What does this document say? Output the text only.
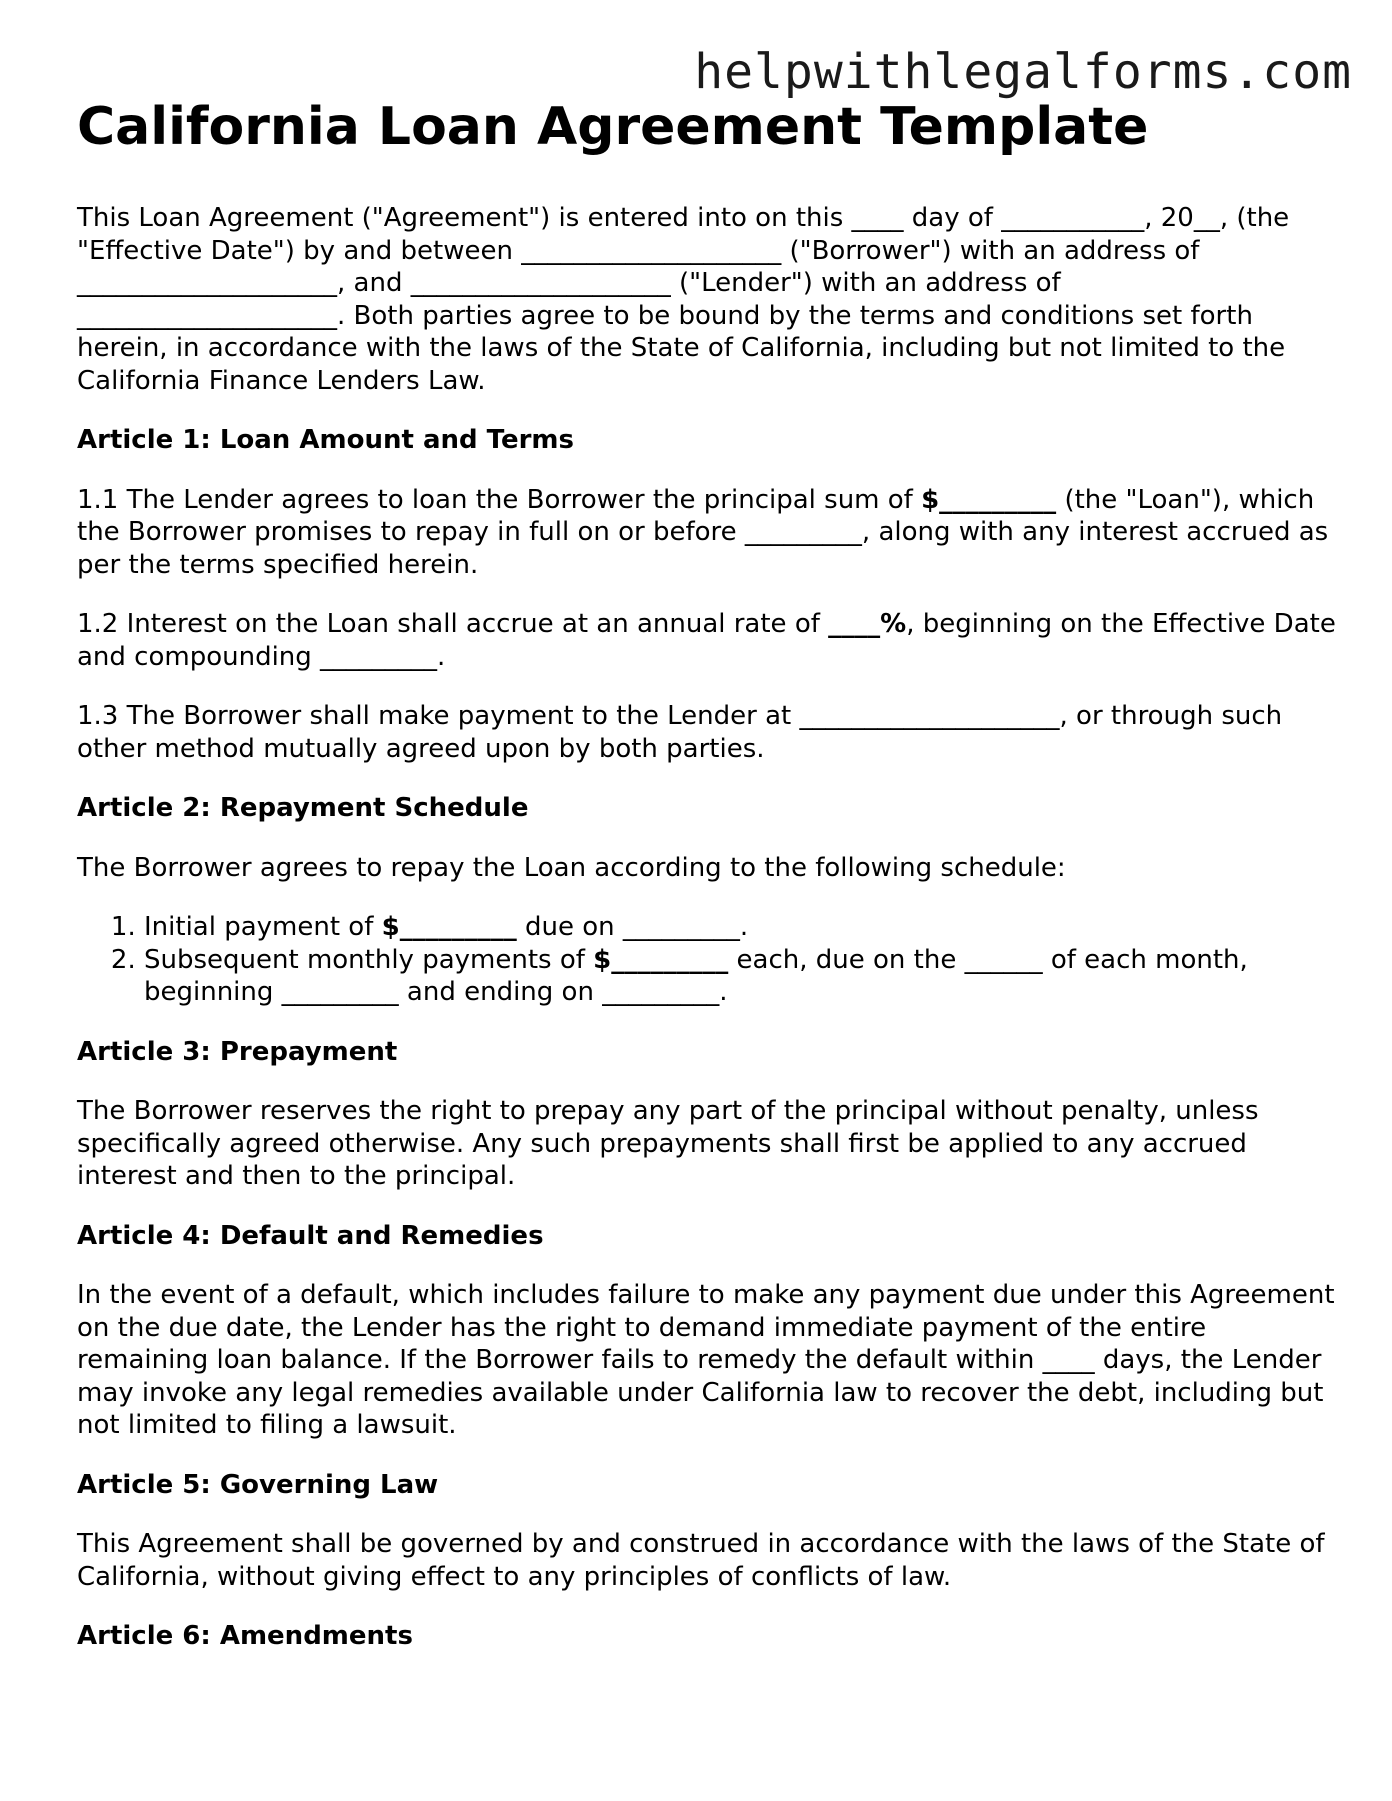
helpwithlegalforms.com
California Loan Agreement Template

This Loan Agreement ("Agreement") is entered into on this ____ day of ___________, 20__, (the "Effective Date") by and between ____________________ ("Borrower") with an address of ____________________, and ____________________ ("Lender") with an address of ____________________. Both parties agree to be bound by the terms and conditions set forth herein, in accordance with the laws of the State of California, including but not limited to the California Finance Lenders Law.

Article 1: Loan Amount and Terms

1.1 The Lender agrees to loan the Borrower the principal sum of $_________ (the "Loan"), which the Borrower promises to repay in full on or before _________, along with any interest accrued as per the terms specified herein.

1.2 Interest on the Loan shall accrue at an annual rate of ____%, beginning on the Effective Date and compounding _________.

1.3 The Borrower shall make payment to the Lender at ____________________, or through such other method mutually agreed upon by both parties.

Article 2: Repayment Schedule

The Borrower agrees to repay the Loan according to the following schedule:

1. Initial payment of $_________ due on _________.
2. Subsequent monthly payments of $_________ each, due on the ______ of each month, beginning _________ and ending on _________.
Article 3: Prepayment

The Borrower reserves the right to prepay any part of the principal without penalty, unless specifically agreed otherwise. Any such prepayments shall first be applied to any accrued interest and then to the principal.

Article 4: Default and Remedies

In the event of a default, which includes failure to make any payment due under this Agreement on the due date, the Lender has the right to demand immediate payment of the entire remaining loan balance. If the Borrower fails to remedy the default within ____ days, the Lender may invoke any legal remedies available under California law to recover the debt, including but not limited to filing a lawsuit.

Article 5: Governing Law

This Agreement shall be governed by and construed in accordance with the laws of the State of California, without giving effect to any principles of conflicts of law.

Article 6: Amendments
